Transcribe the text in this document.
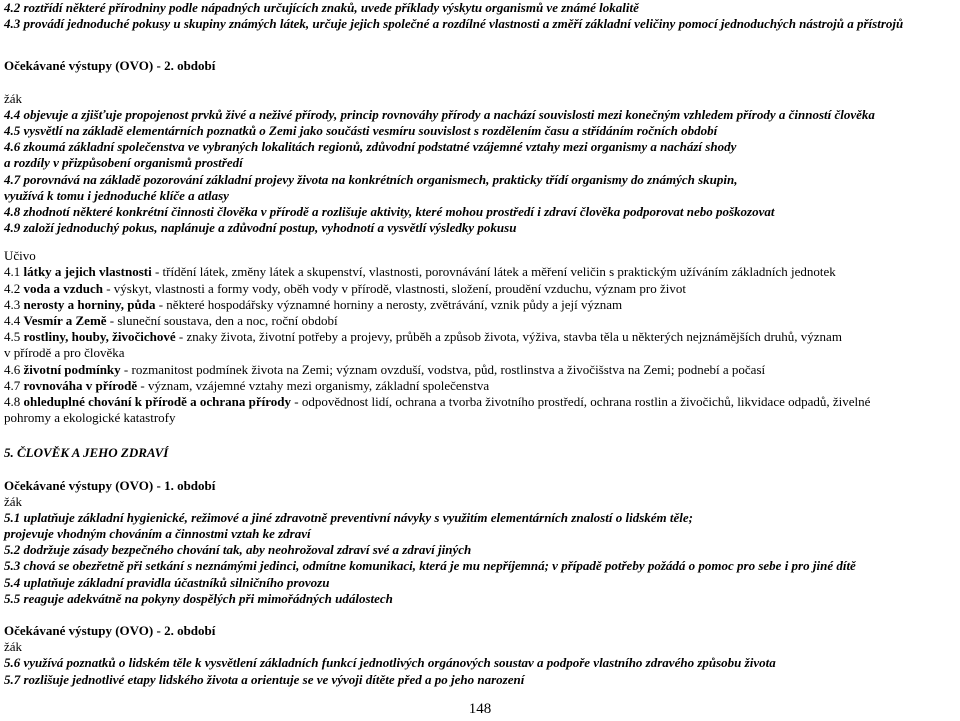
4.2 roztřídí některé přírodniny podle nápadných určujících znaků, uvede příklady výskytu organismů ve známé lokalitě
4.3 provádí jednoduché pokusy u skupiny známých látek, určuje jejich společné a rozdílné vlastnosti a změří základní veličiny pomocí jednoduchých nástrojů a přístrojů
Očekávané výstupy (OVO) - 2. období
žák
4.4 objevuje a zjišťuje propojenost prvků živé a neživé přírody, princip rovnováhy přírody a nachází souvislosti mezi konečným vzhledem přírody a činností člověka
4.5 vysvětlí na základě elementárních poznatků o Zemi jako součásti vesmíru souvislost s rozdělením času a střídáním ročních období
4.6 zkoumá základní společenstva ve vybraných lokalitách regionů, zdůvodní podstatné vzájemné vztahy mezi organismy a nachází shody
a rozdíly v přizpůsobení organismů prostředí
4.7 porovnává na základě pozorování základní projevy života na konkrétních organismech, prakticky třídí organismy do známých skupin,
využívá k tomu i jednoduché klíče a atlasy
4.8 zhodnotí některé konkrétní činnosti člověka v přírodě a rozlišuje aktivity, které mohou prostředí i zdraví člověka podporovat nebo poškozovat
4.9 založí jednoduchý pokus, naplánuje a zdůvodní postup, vyhodnotí a vysvětlí výsledky pokusu
Učivo
4.1 látky a jejich vlastnosti - třídění látek, změny látek a skupenství, vlastnosti, porovnávání látek a měření veličin s praktickým užíváním základních jednotek
4.2 voda a vzduch - výskyt, vlastnosti a formy vody, oběh vody v přírodě, vlastnosti, složení, proudění vzduchu, význam pro život
4.3 nerosty a horniny, půda - některé hospodářsky významné horniny a nerosty, zvětrávání, vznik půdy a její význam
4.4 Vesmír a Země - sluneční soustava, den a noc, roční období
4.5 rostliny, houby, živočichové - znaky života, životní potřeby a projevy, průběh a způsob života, výživa, stavba těla u některých nejznámějších druhů, význam
v přírodě a pro člověka
4.6 životní podmínky - rozmanitost podmínek života na Zemi; význam ovzduší, vodstva, půd, rostlinstva a živočišstva na Zemi; podnebí a počasí
4.7 rovnováha v přírodě - význam, vzájemné vztahy mezi organismy, základní společenstva
4.8 ohleduplné chování k přírodě a ochrana přírody - odpovědnost lidí, ochrana a tvorba životního prostředí, ochrana rostlin a živočichů, likvidace odpadů, živelné
pohromy a ekologické katastrofy
5. ČLOVĚK A JEHO ZDRAVÍ
Očekávané výstupy (OVO) - 1. období
žák
5.1 uplatňuje základní hygienické, režimové a jiné zdravotně preventivní návyky s využitím elementárních znalostí o lidském těle;
projevuje vhodným chováním a činnostmi vztah ke zdraví
5.2 dodržuje zásady bezpečného chování tak, aby neohrožoval zdraví své a zdraví jiných
5.3 chová se obezřetně při setkání s neznámými jedinci, odmítne komunikaci, která je mu nepříjemná; v případě potřeby požádá o pomoc pro sebe i pro jiné dítě
5.4 uplatňuje základní pravidla účastníků silničního provozu
5.5 reaguje adekvátně na pokyny dospělých při mimořádných událostech
Očekávané výstupy (OVO) - 2. období
žák
5.6 využívá poznatků o lidském těle k vysvětlení základních funkcí jednotlivých orgánových soustav a podpoře vlastního zdravého způsobu života
5.7 rozlišuje jednotlivé etapy lidského života a orientuje se ve vývoji dítěte před a po jeho narození
148
